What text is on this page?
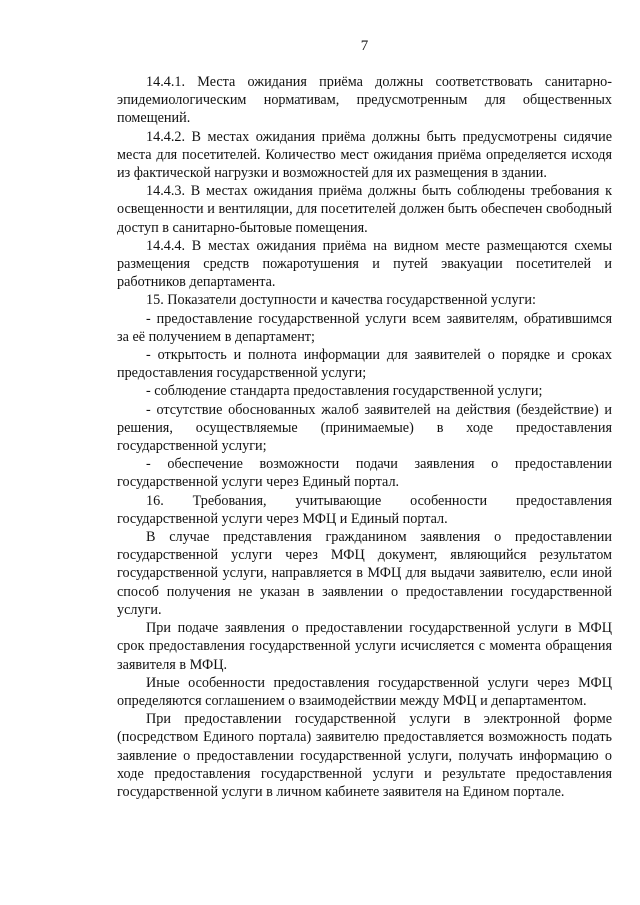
7

14.4.1. Места ожидания приёма должны соответствовать санитарно-эпидемиологическим нормативам, предусмотренным для общественных помещений.

14.4.2. В местах ожидания приёма должны быть предусмотрены сидячие места для посетителей. Количество мест ожидания приёма определяется исходя из фактической нагрузки и возможностей для их размещения в здании.

14.4.3. В местах ожидания приёма должны быть соблюдены требования к освещенности и вентиляции, для посетителей должен быть обеспечен свободный доступ в санитарно-бытовые помещения.

14.4.4. В местах ожидания приёма на видном месте размещаются схемы размещения средств пожаротушения и путей эвакуации посетителей и работников департамента.

15. Показатели доступности и качества государственной услуги:

- предоставление государственной услуги всем заявителям, обратившимся за её получением в департамент;

- открытость и полнота информации для заявителей о порядке и сроках предоставления государственной услуги;

- соблюдение стандарта предоставления государственной услуги;

- отсутствие обоснованных жалоб заявителей на действия (бездействие) и решения, осуществляемые (принимаемые) в ходе предоставления государственной услуги;

- обеспечение возможности подачи заявления о предоставлении государственной услуги через Единый портал.

16. Требования, учитывающие особенности предоставления государственной услуги через МФЦ и Единый портал.

В случае представления гражданином заявления о предоставлении государственной услуги через МФЦ документ, являющийся результатом государственной услуги, направляется в МФЦ для выдачи заявителю, если иной способ получения не указан в заявлении о предоставлении государственной услуги.

При подаче заявления о предоставлении государственной услуги в МФЦ срок предоставления государственной услуги исчисляется с момента обращения заявителя в МФЦ.

Иные особенности предоставления государственной услуги через МФЦ определяются соглашением о взаимодействии между МФЦ и департаментом.

При предоставлении государственной услуги в электронной форме (посредством Единого портала) заявителю предоставляется возможность подать заявление о предоставлении государственной услуги, получать информацию о ходе предоставления государственной услуги и результате предоставления государственной услуги в личном кабинете заявителя на Едином портале.
